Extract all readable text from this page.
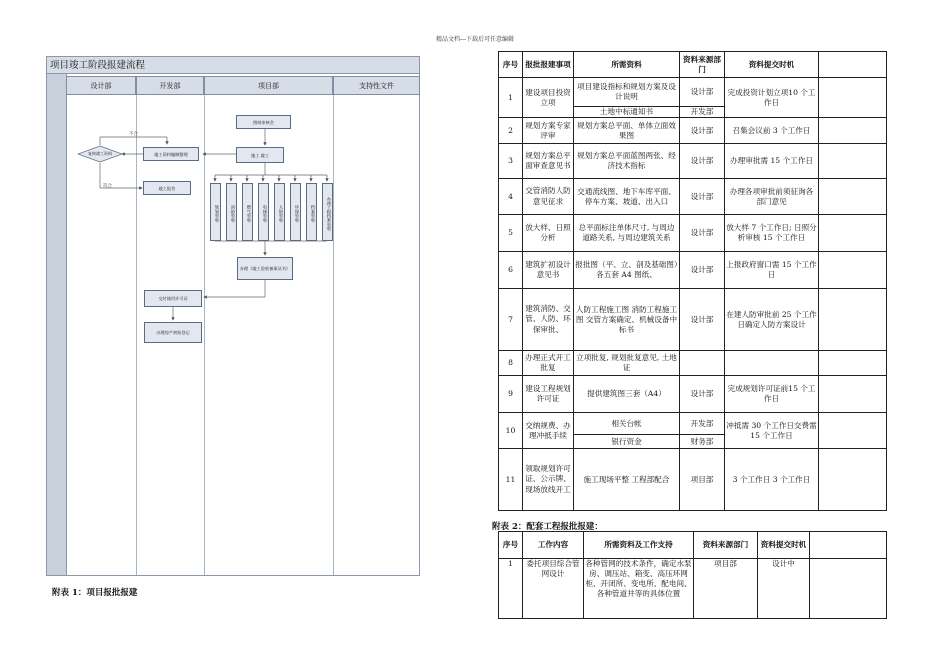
精品文档---下载后可任意编辑
项目竣工阶段报建流程
设计部	开发部	项目部	支持性文件
图纸审核会
施工 竣工
竣工资料编制整理
复核竣工资料
不合
符合	竣工报告
规划验收	消防验收	燃气验收	电梯验收	人防验收	环保验收	档案验收	办理工程档案验收
办理《竣工验收备案证书》
交付使用许可证
办理房产初始登记
附表 1：项目报批报建
序号	报批报建事项	所需资料	资料来源部门	资料提交时机	
1	建设项目投资立项	项目建设指标和规划方案及设计说明	设计部	完成投资计划立项10 个工作日	
		土地中标通知书	开发部		
2	规划方案专家评审	规划方案总平面、单体立面效果图	设计部	召集会议前 3 个工作日	
3	规划方案总平面审查意见书	规划方案总平面蓝图两张、经济技术指标	设计部	办理审批需 15 个工作日	
4	交管消防人防意见征求	交通流线图、地下车库平面、停车方案、坡道、出入口	设计部	办理各项审批前须征询各部门意见	
5	放大样、日照分析	总平面标注单体尺寸, 与周边道路关系, 与周边建筑关系	设计部	放大样 7 个工作日; 日照分析审核 15 个工作日	
6	建筑扩初设计意见书	报批图（平、立、剖及基础图）各五套 A4 图纸、	设计部	上报政府窗口需 15 个工作日	
7	建筑消防、交管、人防、环保审批、	人防工程施工图 消防工程施工图 交管方案确定、机械设备中标书	设计部	在建人防审批前 25 个工作日确定人防方案设计	
8	办理正式开工批复	立项批复, 规划批复意见, 土地证			
9	建设工程规划许可证	提供建筑图三套（A4）	设计部	完成规划许可证前15 个工作日	
10	交纳规费、办理冲抵手续	相关台帐	开发部	冲抵需 30 个工作日交费需 15 个工作日	
		银行资金	财务部		
11	领取规划许可证、公示牌、现场放线开工	施工现场平整 工程部配合	项目部	3 个工作日 3 个工作日	
附表 2：配套工程报批报建：
序号	工作内容	所需资料及工作支持	资料来源部门	资料提交时机	
1	委托项目综合管网设计	各种管网的技术条件，确定水泵房、调压站、箱变、高压环网柜、开闭所、变电所、配电间、各种管道井等的具体位置	项目部	设计中	
